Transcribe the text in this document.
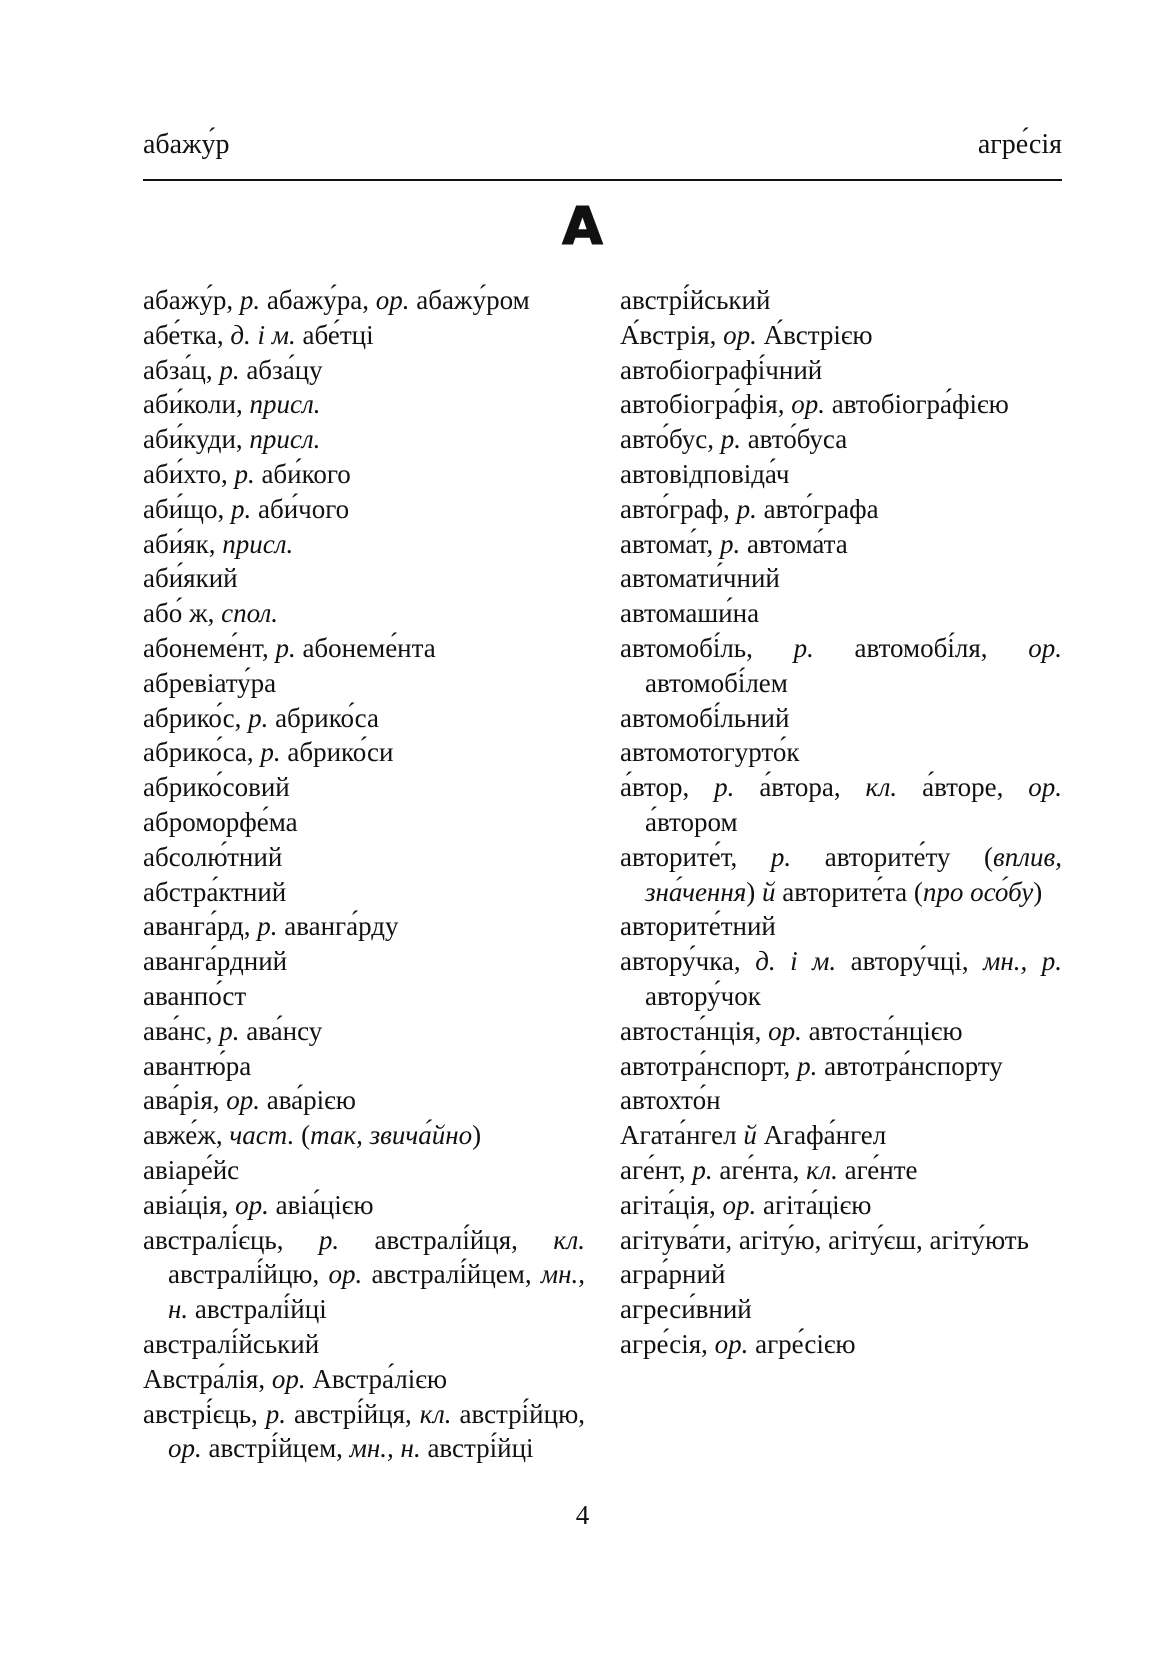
абажу́р	агре́сія
А
абажу́р, р. абажу́ра, ор. абажу́ром
абе́тка, д. і м. абе́тці
абза́ц, р. абза́цу
аби́коли, присл.
аби́куди, присл.
аби́хто, р. аби́кого
аби́що, р. аби́чого
аби́як, присл.
аби́який
або́ ж, спол.
абонеме́нт, р. абонеме́нта
абревіату́ра
абрико́с, р. абрико́са
абрико́са, р. абрико́си
абрико́совий
аброморфе́ма
абсолю́тний
абстра́ктний
аванга́рд, р. аванга́рду
аванга́рдний
аванпо́ст
ава́нс, р. ава́нсу
авантю́ра
ава́рія, ор. ава́рією
авже́ж, част. (так, звича́йно)
авіаре́йс
авіа́ція, ор. авіа́цією
австралі́єць, р. австралі́йця, кл. австралі́йцю, ор. австралі́йцем, мн., н. австралі́йці
австралі́йський
Австра́лія, ор. Австра́лією
австрі́єць, р. австрі́йця, кл. австрі́йцю, ор. австрі́йцем, мн., н. австрі́йці
австрі́йський
А́встрія, ор. А́встрією
автобіографі́чний
автобіогра́фія, ор. автобіогра́фією
авто́бус, р. авто́буса
автовідповіда́ч
авто́граф, р. авто́графа
автома́т, р. автома́та
автомати́чний
автомаши́на
автомобі́ль, р. автомобі́ля, ор. автомобі́лем
автомобі́льний
автомотогурто́к
а́втор, р. а́втора, кл. а́вторе, ор. а́втором
авторите́т, р. авторите́ту (вплив, зна́чення) й авторите́та (про осо́бу)
авторите́тний
автору́чка, д. і м. автору́чці, мн., р. автору́чок
автоста́нція, ор. автоста́нцією
автотра́нспорт, р. автотра́нспорту
автохто́н
Агата́нгел й Агафа́нгел
аге́нт, р. аге́нта, кл. аге́нте
агіта́ція, ор. агіта́цією
агітува́ти, агіту́ю, агіту́єш, агіту́ють
агра́рний
агреси́вний
агре́сія, ор. агре́сією
4
